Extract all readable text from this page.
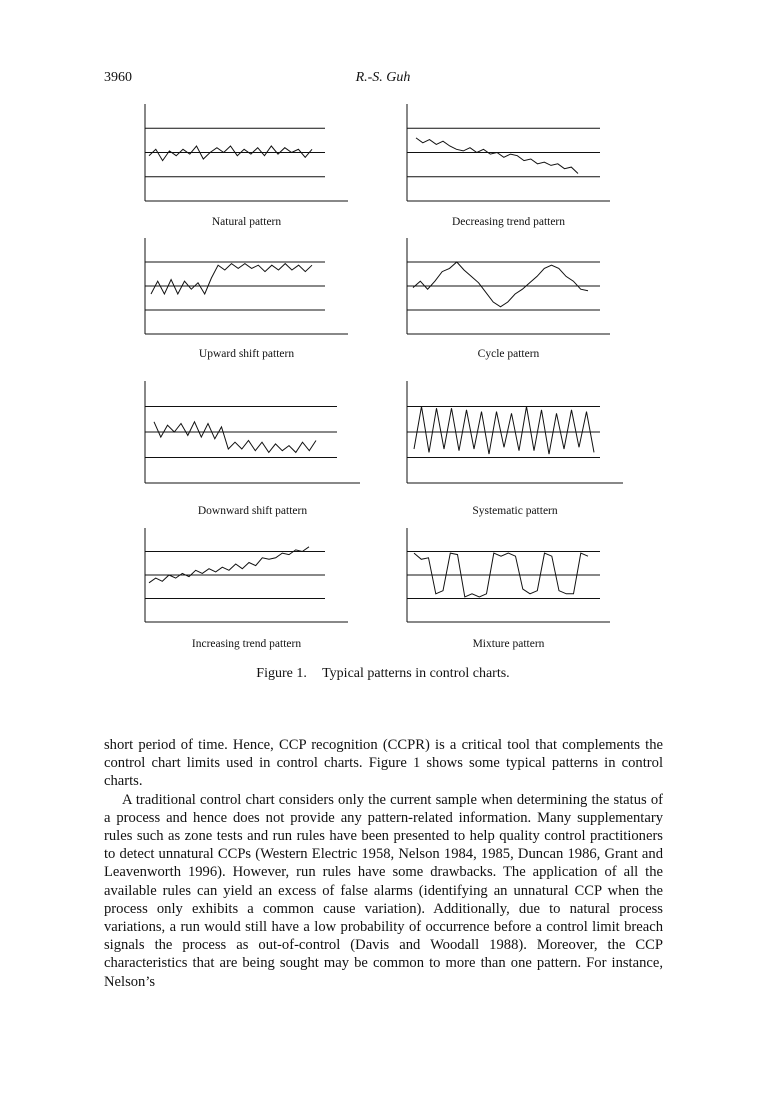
3960	R.-S. Guh
Natural pattern	Decreasing trend pattern
Upward shift pattern	Cycle pattern
Downward shift pattern	Systematic pattern
Increasing trend pattern	Mixture pattern
Figure 1. Typical patterns in control charts.

short period of time. Hence, CCP recognition (CCPR) is a critical tool that complements the control chart limits used in control charts. Figure 1 shows some typical patterns in control charts.

A traditional control chart considers only the current sample when determining the status of a process and hence does not provide any pattern-related information. Many supplementary rules such as zone tests and run rules have been presented to help quality control practitioners to detect unnatural CCPs (Western Electric 1958, Nelson 1984, 1985, Duncan 1986, Grant and Leavenworth 1996). However, run rules have some drawbacks. The application of all the available rules can yield an excess of false alarms (identifying an unnatural CCP when the process only exhibits a common cause variation). Additionally, due to natural process variations, a run would still have a low probability of occurrence before a control limit breach signals the process as out-of-control (Davis and Woodall 1988). Moreover, the CCP characteristics that are being sought may be common to more than one pattern. For instance, Nelson’s
